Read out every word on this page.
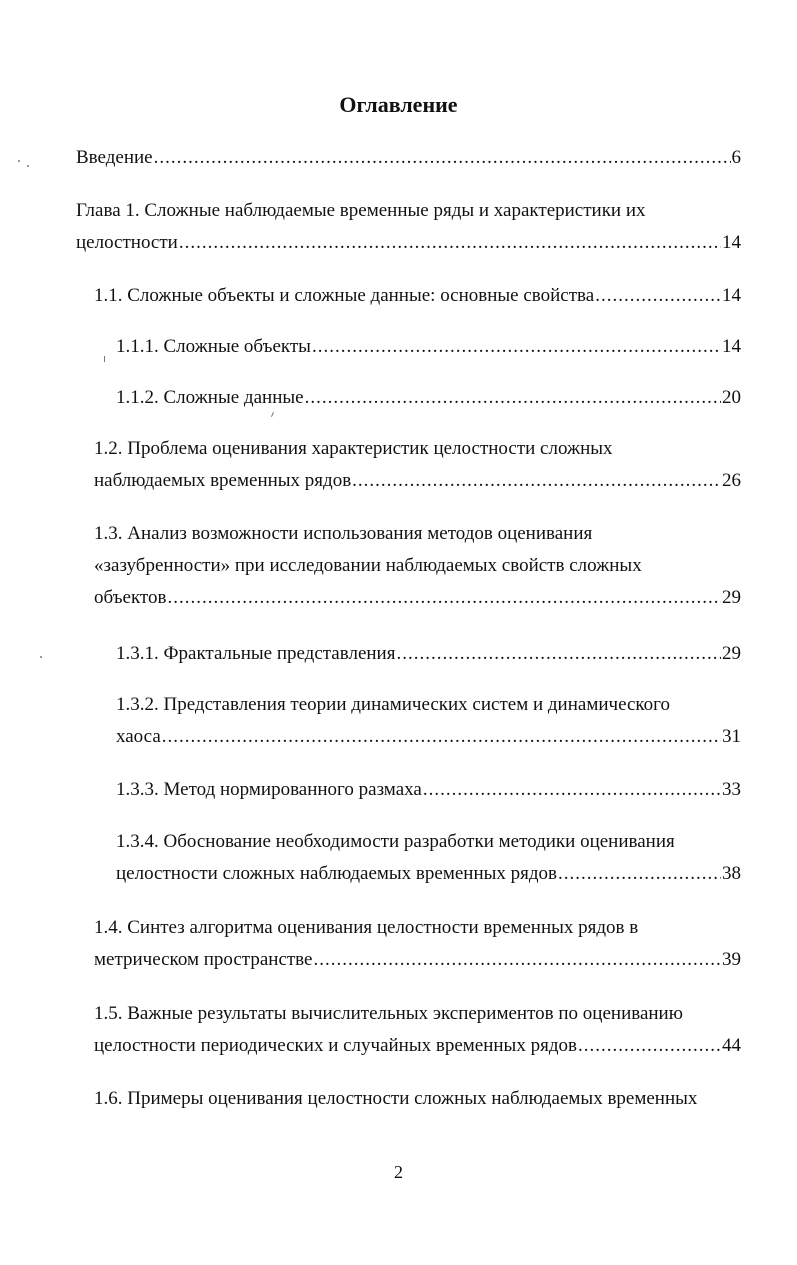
Оглавление
Введение .....	6
Глава 1. Сложные наблюдаемые временные ряды и характеристики их
целостности .....	14
1.1. Сложные объекты и сложные данные: основные свойства .....	14
1.1.1. Сложные объекты .....	14
1.1.2. Сложные данные .....	20
1.2. Проблема оценивания характеристик целостности сложных
наблюдаемых временных рядов .....	26
1.3. Анализ возможности использования методов оценивания
«зазубренности» при исследовании наблюдаемых свойств сложных
объектов .....	29
1.3.1. Фрактальные представления .....	29
1.3.2. Представления теории динамических систем и динамического
хаоса .....	31
1.3.3. Метод нормированного размаха .....	33
1.3.4. Обоснование необходимости разработки методики оценивания
целостности сложных наблюдаемых временных рядов .....	38
1.4. Синтез алгоритма оценивания целостности временных рядов в
метрическом пространстве .....	39
1.5. Важные результаты вычислительных экспериментов по оцениванию
целостности периодических и случайных временных рядов .....	44
1.6. Примеры оценивания целостности сложных наблюдаемых временных
2
